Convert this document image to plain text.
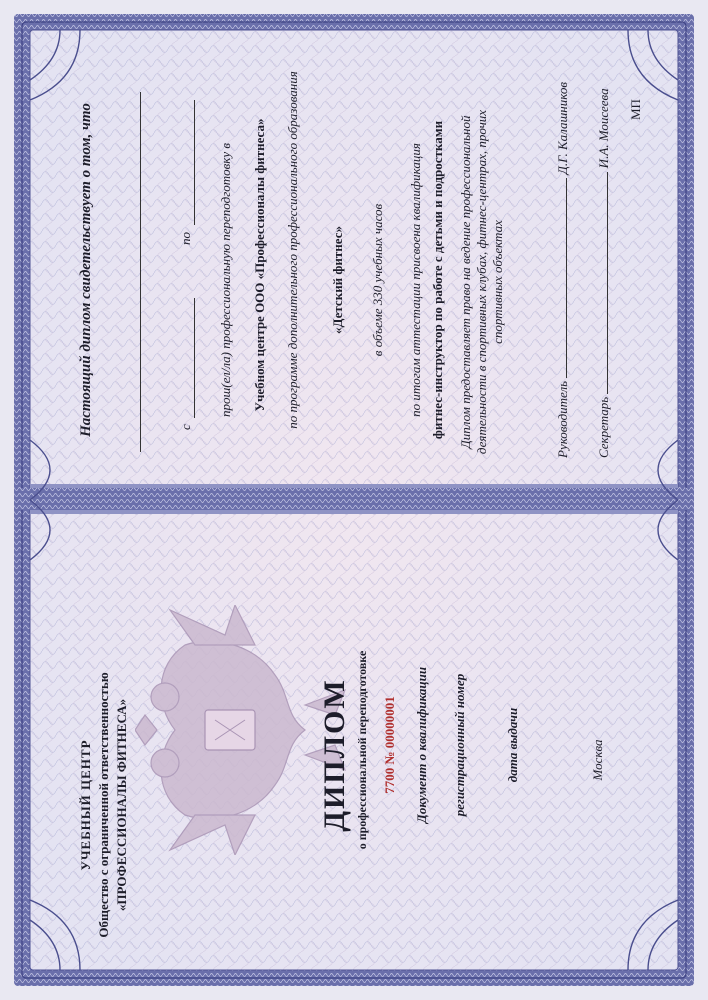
УЧЕБНЫЙ ЦЕНТР Общество с ограниченной ответственностью «ПРОФЕССИОНАЛЫ ФИТНЕСА»	ДИПЛОМ о профессиональной переподготовке 7700 № 00000001 Документ о квалификации регистрационный номер	дата выдачи	Москва
Настоящий диплом свидетельствует о том, что	с
по прош(ел/ла) профессиональную переподготовку в Учебном центре ООО «Профессионалы фитнеса» по программе дополнительного профессионального образования «Детский фитнес» в объеме 330 учебных часов по итогам аттестации присвоена квалификация фитнес-инструктор по работе с детьми и подростками Диплом предоставляет право на ведение профессиональной деятельности в спортивных клубах, фитнес-центрах, прочих спортивных объектах
Руководитель  Д.Г. Калашников
Секретарь  И.А. Моисеева МП
